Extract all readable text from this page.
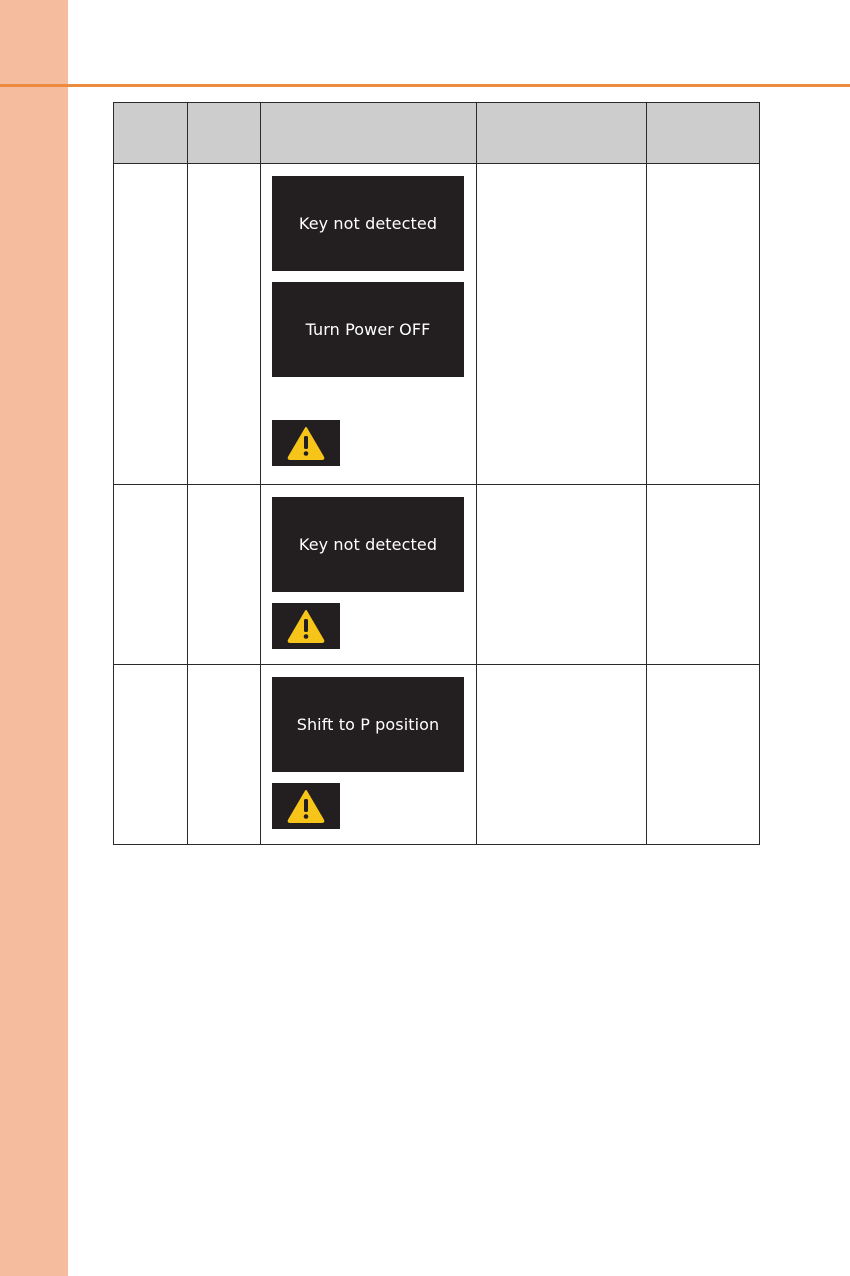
Key not detected
Turn Power OFF		

Key not detected		

Shift to P position		
